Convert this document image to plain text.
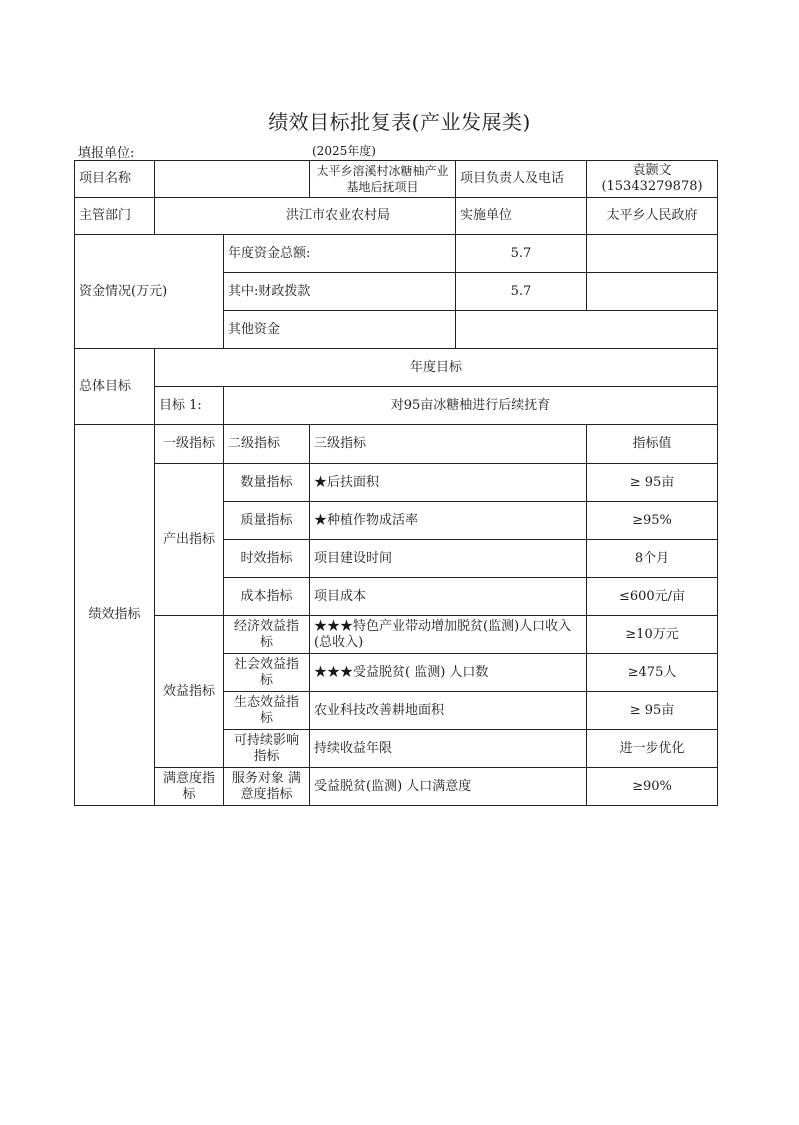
绩效目标批复表(产业发展类)
填报单位:	(2025年度)
项目名称			太平乡溶溪村冰糖柚产业基地后抚项目	项目负责人及电话	袁颢文
(15343279878)

主管部门	洪江市农业农村局			实施单位	太平乡人民政府
资金情况(万元)		年度资金总额:		5.7	
		其中:财政拨款		5.7	
		其他资金			
总体目标	年度目标				
	目标 1:	对95亩冰糖柚进行后续抚育			
绩效指标	一级指标	二级指标	三级指标		指标值
	产出指标	数量指标	★后扶面积		≥ 95亩
		质量指标	★种植作物成活率		≥95%
		时效指标	项目建设时间		8个月
		成本指标	项目成本		≤600元/亩
	效益指标	经济效益指标	★★★特色产业带动增加脱贫(监测)人口收入(总收入)		≥10万元
		社会效益指标	★★★受益脱贫( 监测) 人口数		≥475人
		生态效益指标	农业科技改善耕地面积		≥ 95亩
		可持续影响指标	持续收益年限		进一步优化
	满意度指标	服务对象 满意度指标	受益脱贫(监测) 人口满意度		≥90%
